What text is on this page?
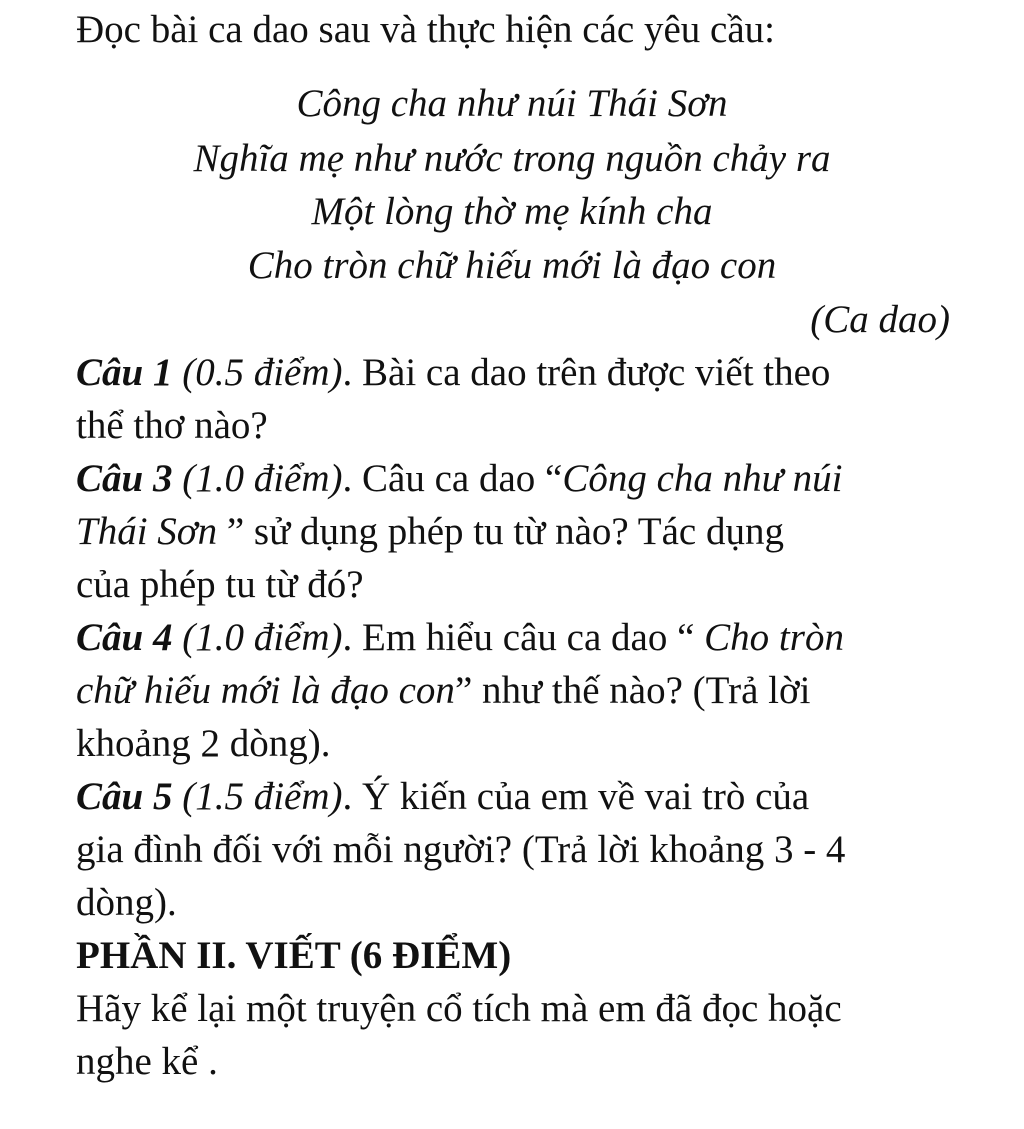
Đọc bài ca dao sau và thực hiện các yêu cầu:
Công cha như núi Thái Sơn
Nghĩa mẹ như nước trong nguồn chảy ra
Một lòng thờ mẹ kính cha
Cho tròn chữ hiếu mới là đạo con
(Ca dao)
Câu 1 (0.5 điểm). Bài ca dao trên được viết theo
thể thơ nào?
Câu 3 (1.0 điểm). Câu ca dao “Công cha như núi
Thái Sơn ” sử dụng phép tu từ nào? Tác dụng
của phép tu từ đó?
Câu 4 (1.0 điểm). Em hiểu câu ca dao “ Cho tròn
chữ hiếu mới là đạo con” như thế nào? (Trả lời
khoảng 2 dòng).
Câu 5 (1.5 điểm). Ý kiến của em về vai trò của
gia đình đối với mỗi người? (Trả lời khoảng 3 - 4
dòng).
PHẦN II. VIẾT (6 ĐIỂM)
Hãy kể lại một truyện cổ tích mà em đã đọc hoặc
nghe kể .
